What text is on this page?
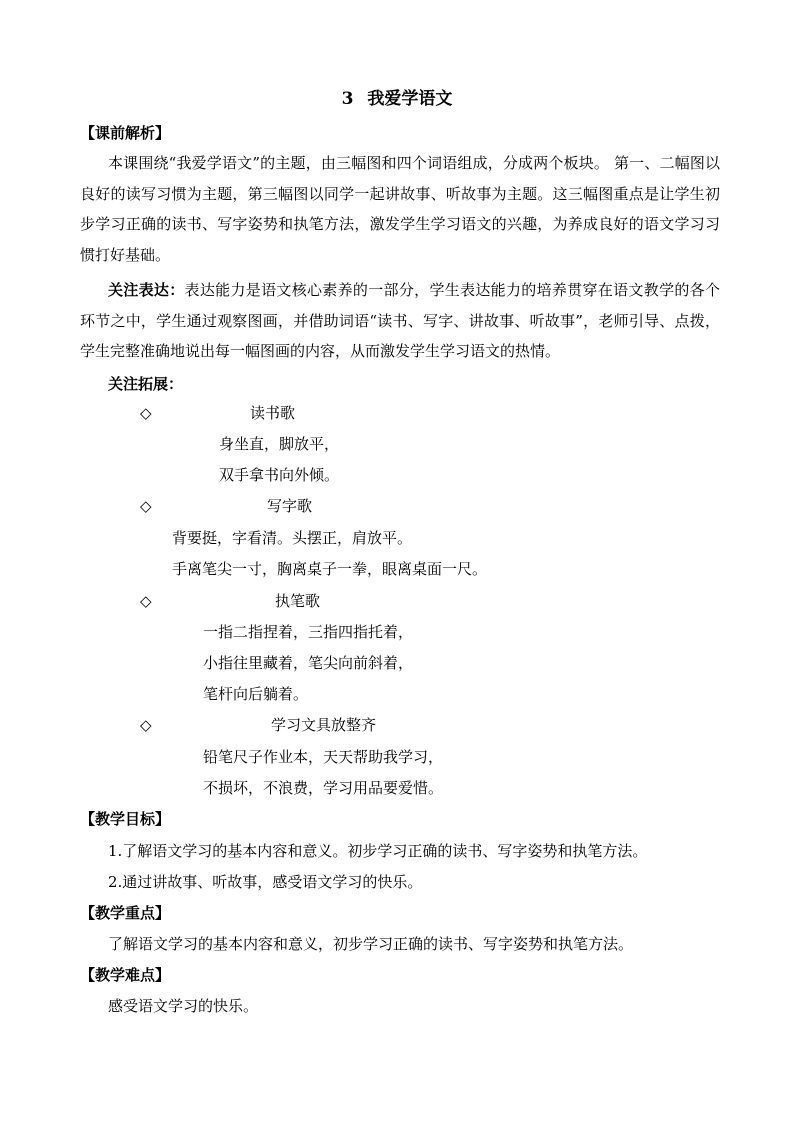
3 我爱学语文
【课前解析】
本课围绕“我爱学语文”的主题，由三幅图和四个词语组成，分成两个板块。 第一、二幅图以良好的读写习惯为主题，第三幅图以同学一起讲故事、听故事为主题。这三幅图重点是让学生初步学习正确的读书、写字姿势和执笔方法，激发学生学习语文的兴趣，为养成良好的语文学习习惯打好基础。
关注表达：表达能力是语文核心素养的一部分，学生表达能力的培养贯穿在语文教学的各个环节之中，学生通过观察图画，并借助词语“读书、写字、讲故事、听故事”，老师引导、点拨，学生完整准确地说出每一幅图画的内容，从而激发学生学习语文的热情。
关注拓展：
◇	读书歌
身坐直，脚放平，
双手拿书向外倾。
◇	写字歌
背要挺，字看清。头摆正，肩放平。
手离笔尖一寸，胸离桌子一拳，眼离桌面一尺。
◇	执笔歌
一指二指捏着，三指四指托着，
小指往里藏着，笔尖向前斜着，
笔杆向后躺着。
◇	学习文具放整齐
铅笔尺子作业本，天天帮助我学习，
不损坏，不浪费，学习用品要爱惜。
【教学目标】
1.了解语文学习的基本内容和意义。初步学习正确的读书、写字姿势和执笔方法。
2.通过讲故事、听故事，感受语文学习的快乐。
【教学重点】
了解语文学习的基本内容和意义，初步学习正确的读书、写字姿势和执笔方法。
【教学难点】
感受语文学习的快乐。
